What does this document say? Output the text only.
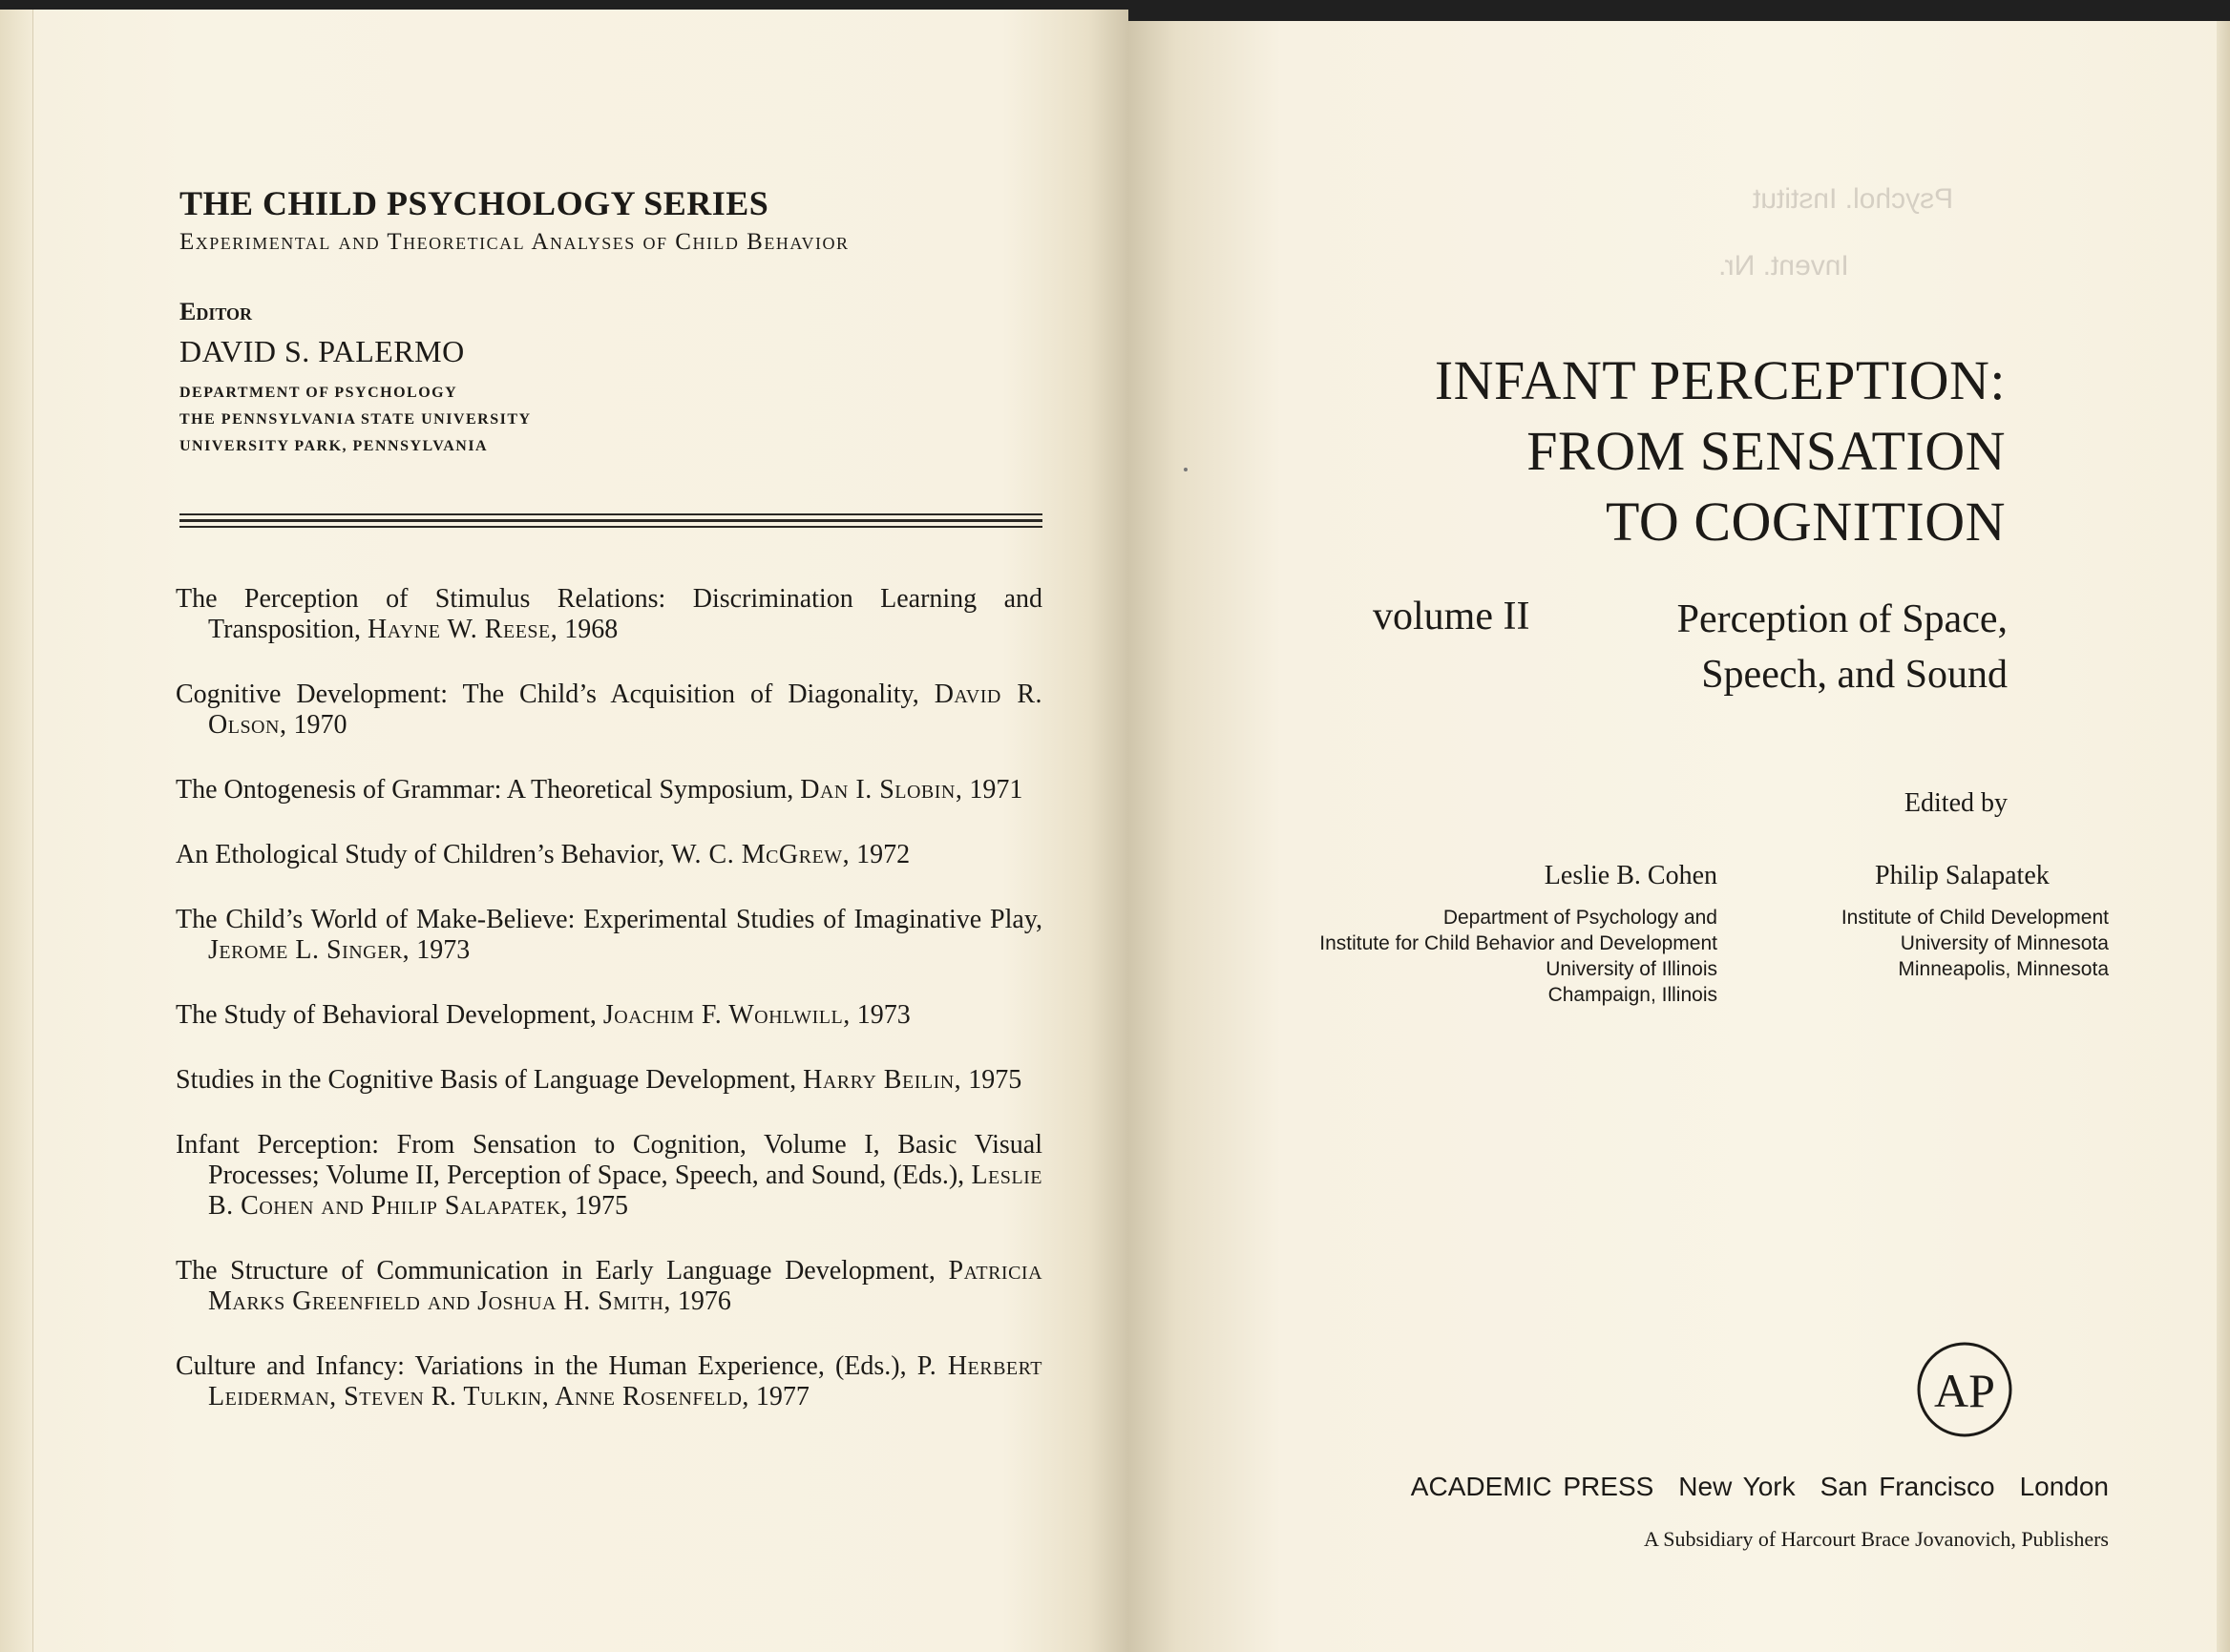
THE CHILD PSYCHOLOGY SERIES
Experimental and Theoretical Analyses of Child Behavior
Editor
DAVID S. PALERMO
DEPARTMENT OF PSYCHOLOGY
THE PENNSYLVANIA STATE UNIVERSITY
UNIVERSITY PARK, PENNSYLVANIA
The Perception of Stimulus Relations: Discrimination Learning and Transposition, Hayne W. Reese, 1968
Cognitive Development: The Child’s Acquisition of Diagonality, David R. Olson, 1970
The Ontogenesis of Grammar: A Theoretical Symposium, Dan I. Slobin, 1971
An Ethological Study of Children’s Behavior, W. C. McGrew, 1972
The Child’s World of Make-Believe: Experimental Studies of Imaginative Play, Jerome L. Singer, 1973
The Study of Behavioral Development, Joachim F. Wohlwill, 1973
Studies in the Cognitive Basis of Language Development, Harry Beilin, 1975
Infant Perception: From Sensation to Cognition, Volume I, Basic Visual Processes; Volume II, Perception of Space, Speech, and Sound, (Eds.), Leslie B. Cohen and Philip Salapatek, 1975
The Structure of Communication in Early Language Development, Patricia Marks Greenfield and Joshua H. Smith, 1976
Culture and Infancy: Variations in the Human Experience, (Eds.), P. Herbert Leiderman, Steven R. Tulkin, Anne Rosenfeld, 1977
Psychol. Institut
Invent. Nr.
INFANT PERCEPTION:
FROM SENSATION
TO COGNITION
volume II	Perception of Space,
Speech, and Sound
Edited by
Leslie B. Cohen	Philip Salapatek
Department of Psychology and
Institute for Child Behavior and Development
University of Illinois
Champaign, Illinois
Institute of Child Development
University of Minnesota
Minneapolis, Minnesota
AP
ACADEMIC PRESS New York San Francisco London
A Subsidiary of Harcourt Brace Jovanovich, Publishers
